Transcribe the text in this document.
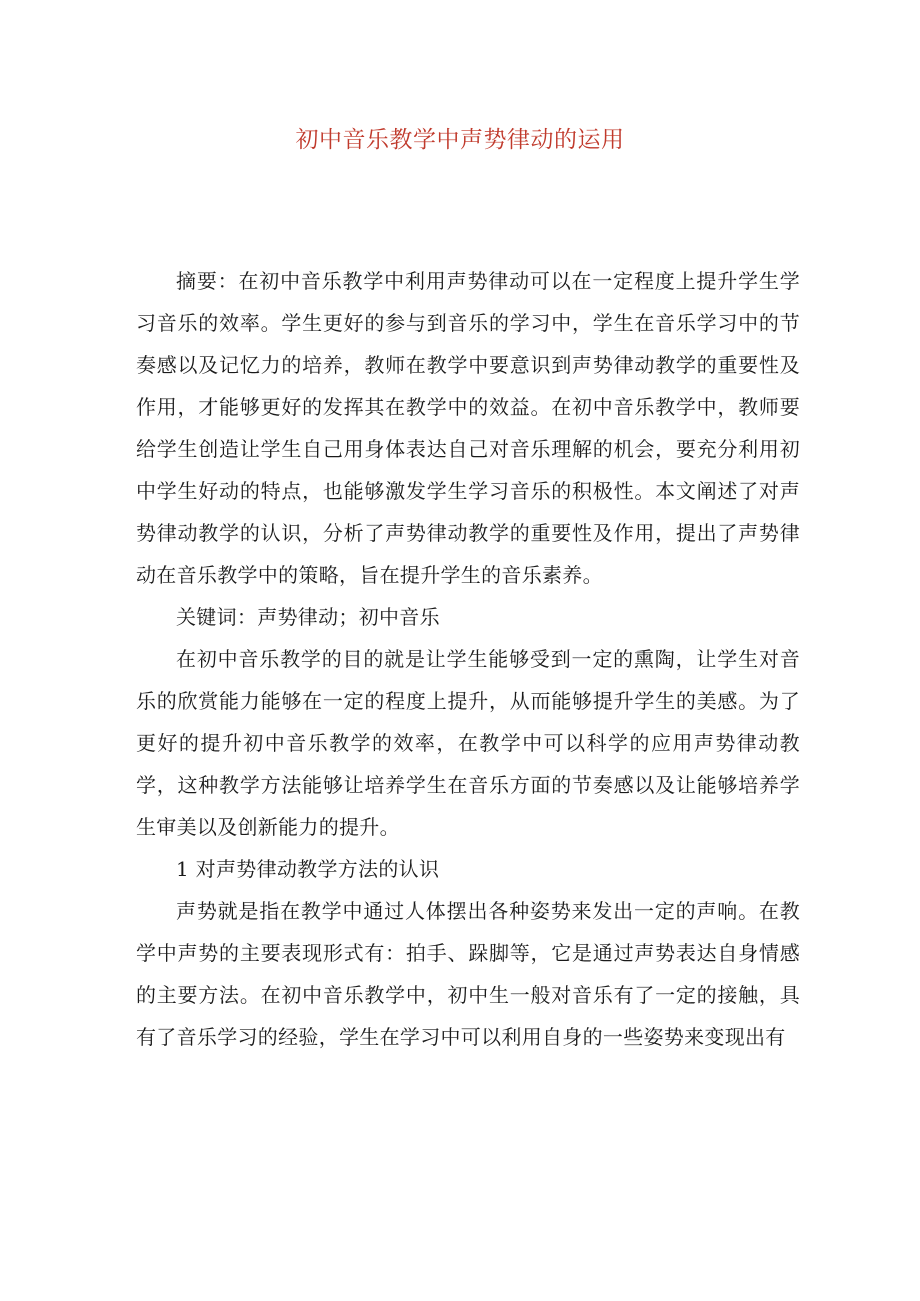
初中音乐教学中声势律动的运用

摘要：在初中音乐教学中利用声势律动可以在一定程度上提升学生学习音乐的效率。学生更好的参与到音乐的学习中，学生在音乐学习中的节奏感以及记忆力的培养，教师在教学中要意识到声势律动教学的重要性及作用，才能够更好的发挥其在教学中的效益。在初中音乐教学中，教师要给学生创造让学生自己用身体表达自己对音乐理解的机会，要充分利用初中学生好动的特点，也能够激发学生学习音乐的积极性。本文阐述了对声势律动教学的认识，分析了声势律动教学的重要性及作用，提出了声势律动在音乐教学中的策略，旨在提升学生的音乐素养。

关键词：声势律动；初中音乐

在初中音乐教学的目的就是让学生能够受到一定的熏陶，让学生对音乐的欣赏能力能够在一定的程度上提升，从而能够提升学生的美感。为了更好的提升初中音乐教学的效率，在教学中可以科学的应用声势律动教学，这种教学方法能够让培养学生在音乐方面的节奏感以及让能够培养学生审美以及创新能力的提升。

1 对声势律动教学方法的认识

声势就是指在教学中通过人体摆出各种姿势来发出一定的声响。在教学中声势的主要表现形式有：拍手、跺脚等，它是通过声势表达自身情感的主要方法。在初中音乐教学中，初中生一般对音乐有了一定的接触，具有了音乐学习的经验，学生在学习中可以利用自身的一些姿势来变现出有
